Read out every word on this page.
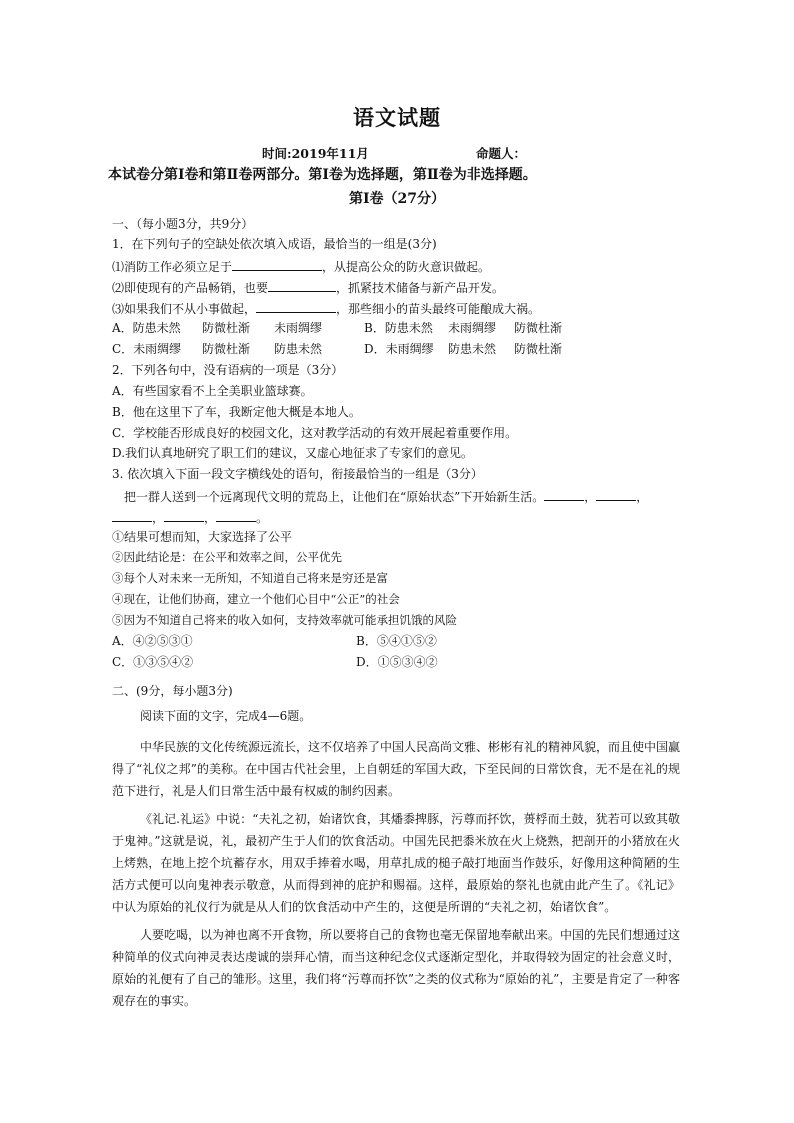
语文试题
时间:2019年11月	命题人：
本试卷分第Ⅰ卷和第Ⅱ卷两部分。第Ⅰ卷为选择题，第Ⅱ卷为非选择题。
第Ⅰ卷（27分）
一、（每小题3分，共9分）
1．在下列句子的空缺处依次填入成语，最恰当的一组是(3分)
⑴消防工作必须立足于	，从提高公众的防火意识做起。
⑵即使现有的产品畅销，也要	，抓紧技术储备与新产品开发。
⑶如果我们不从小事做起，	，那些细小的苗头最终可能酿成大祸。
A．防患未然 防微杜渐 未雨绸缪	B．防患未然 未雨绸缪 防微杜渐
C．未雨绸缪 防微杜渐 防患未然	D．未雨绸缪 防患未然 防微杜渐
2．下列各句中，没有语病的一项是（3分）
A．有些国家看不上全美职业篮球赛。
B．他在这里下了车，我断定他大概是本地人。
C．学校能否形成良好的校园文化，这对教学活动的有效开展起着重要作用。
D.我们认真地研究了职工们的建议，又虚心地征求了专家们的意见。
3. 依次填入下面一段文字横线处的语句，衔接最恰当的一组是（3分）
把一群人送到一个远离现代文明的荒岛上，让他们在“原始状态”下开始新生活。	，	，
，	，	。
①结果可想而知，大家选择了公平
②因此结论是：在公平和效率之间，公平优先
③每个人对未来一无所知，不知道自己将来是穷还是富
④现在，让他们协商，建立一个他们心目中“公正”的社会
⑤因为不知道自己将来的收入如何，支持效率就可能承担饥饿的风险
A．④②⑤③①	B．⑤④①⑤②
C．①③⑤④②	D．①⑤③④②
二、(9分，每小题3分)
阅读下面的文字，完成4—6题。
中华民族的文化传统源远流长，这不仅培养了中国人民高尚文雅、彬彬有礼的精神风貌，而且使中国赢得了“礼仪之邦”的美称。在中国古代社会里，上自朝廷的军国大政，下至民间的日常饮食，无不是在礼的规范下进行，礼是人们日常生活中最有权威的制约因素。
《礼记.礼运》中说：“夫礼之初，始诸饮食，其燔黍捭豚，污尊而抔饮，蒉桴而土鼓，犹若可以致其敬于鬼神。”这就是说，礼，最初产生于人们的饮食活动。中国先民把黍米放在火上烧熟，把剖开的小猪放在火上烤熟，在地上挖个坑蓄存水，用双手捧着水喝，用草扎成的槌子敲打地面当作鼓乐，好像用这种简陋的生活方式便可以向鬼神表示敬意，从而得到神的庇护和赐福。这样，最原始的祭礼也就由此产生了。《礼记》中认为原始的礼仪行为就是从人们的饮食活动中产生的，这便是所谓的“夫礼之初，始诸饮食”。
人要吃喝，以为神也离不开食物，所以要将自己的食物也毫无保留地奉献出来。中国的先民们想通过这种简单的仪式向神灵表达虔诚的崇拜心情，而当这种纪念仪式逐渐定型化，并取得较为固定的社会意义时，原始的礼便有了自己的雏形。这里，我们将“污尊而抔饮”之类的仪式称为“原始的礼”，主要是肯定了一种客观存在的事实。
